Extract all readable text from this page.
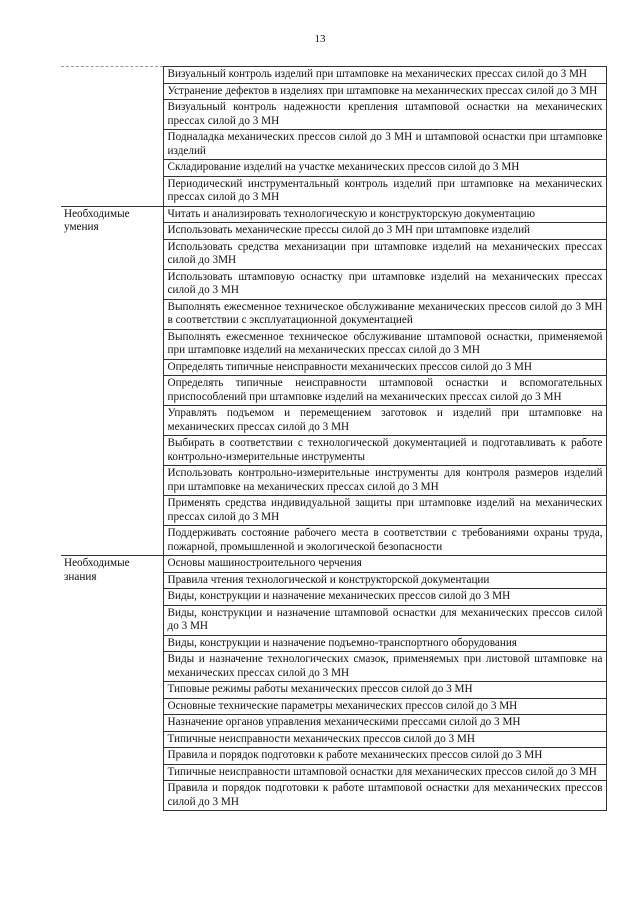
13
	Визуальный контроль изделий при штамповке на механических прессах силой до 3 МН
	Устранение дефектов в изделиях при штамповке на механических прессах силой до 3 МН
	Визуальный контроль надежности крепления штамповой оснастки на механических прессах силой до 3 МН
	Подналадка механических прессов силой до 3 МН и штамповой оснастки при штамповке изделий
	Складирование изделий на участке механических прессов силой до 3 МН
	Периодический инструментальный контроль изделий при штамповке на механических прессах силой до 3 МН
Необходимые умения	Читать и анализировать технологическую и конструкторскую документацию
	Использовать механические прессы силой до 3 МН при штамповке изделий
	Использовать средства механизации при штамповке изделий на механических прессах силой до 3МН
	Использовать штамповую оснастку при штамповке изделий на механических прессах силой до 3 МН
	Выполнять ежесменное техническое обслуживание механических прессов силой до 3 МН в соответствии с эксплуатационной документацией
	Выполнять ежесменное техническое обслуживание штамповой оснастки, применяемой при штамповке изделий на механических прессах силой до 3 МН
	Определять типичные неисправности механических прессов силой до 3 МН
	Определять типичные неисправности штамповой оснастки и вспомогательных приспособлений при штамповке изделий на механических прессах силой до 3 МН
	Управлять подъемом и перемещением заготовок и изделий при штамповке на механических прессах силой до 3 МН
	Выбирать в соответствии с технологической документацией и подготавливать к работе контрольно-измерительные инструменты
	Использовать контрольно-измерительные инструменты для контроля размеров изделий при штамповке на механических прессах силой до 3 МН
	Применять средства индивидуальной защиты при штамповке изделий на механических прессах силой до 3 МН
	Поддерживать состояние рабочего места в соответствии с требованиями охраны труда, пожарной, промышленной и экологической безопасности
Необходимые знания	Основы машиностроительного черчения
	Правила чтения технологической и конструкторской документации
	Виды, конструкции и назначение механических прессов силой до 3 МН
	Виды, конструкции и назначение штамповой оснастки для механических прессов силой до 3 МН
	Виды, конструкции и назначение подъемно-транспортного оборудования
	Виды и назначение технологических смазок, применяемых при листовой штамповке на механических прессах силой до 3 МН
	Типовые режимы работы механических прессов силой до 3 МН
	Основные технические параметры механических прессов силой до 3 МН
	Назначение органов управления механическими прессами силой до 3 МН
	Типичные неисправности механических прессов силой до 3 МН
	Правила и порядок подготовки к работе механических прессов силой до 3 МН
	Типичные неисправности штамповой оснастки для механических прессов силой до 3 МН
	Правила и порядок подготовки к работе штамповой оснастки для механических прессов силой до 3 МН
